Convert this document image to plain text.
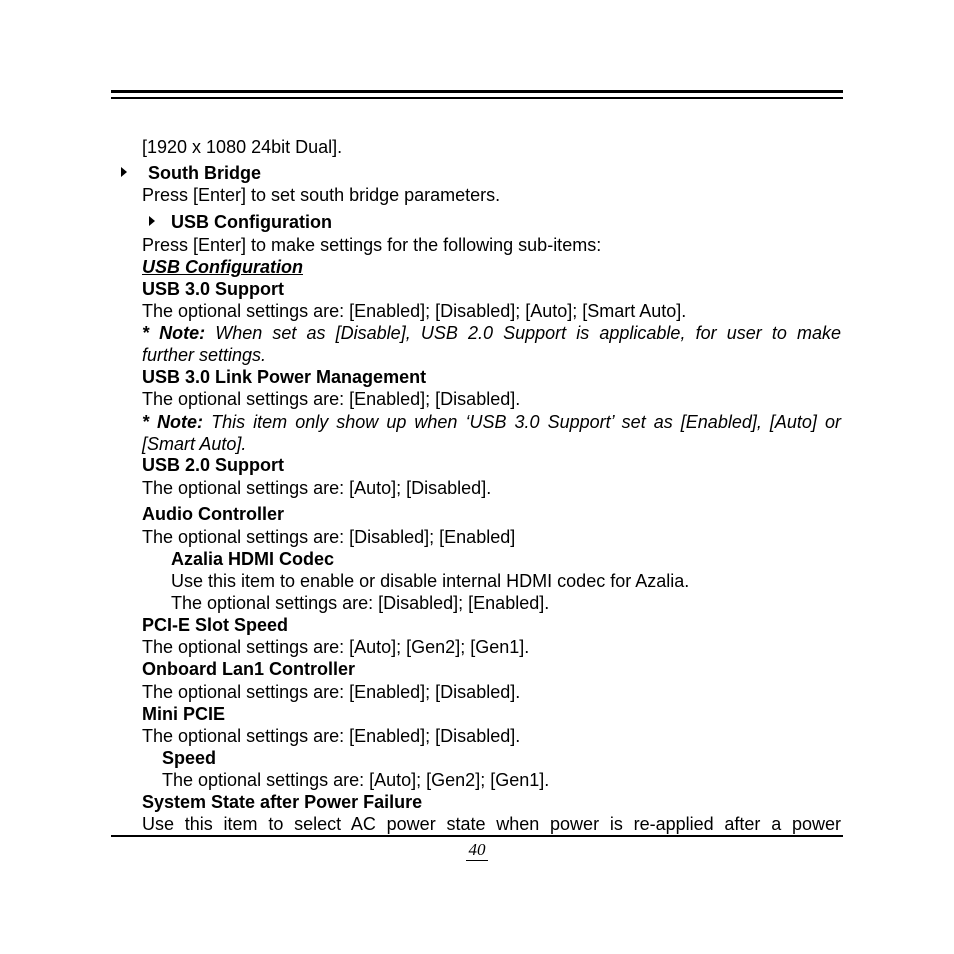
[1920 x 1080 24bit Dual].
South Bridge
Press [Enter] to set south bridge parameters.
USB Configuration
Press [Enter] to make settings for the following sub-items:
USB Configuration
USB 3.0 Support
The optional settings are: [Enabled]; [Disabled]; [Auto]; [Smart Auto].
* Note: When set as [Disable], USB 2.0 Support is applicable, for user to make
further settings.
USB 3.0 Link Power Management
The optional settings are: [Enabled]; [Disabled].
* Note: This item only show up when ‘USB 3.0 Support’ set as [Enabled], [Auto] or
[Smart Auto].
USB 2.0 Support
The optional settings are: [Auto]; [Disabled].
Audio Controller
The optional settings are: [Disabled]; [Enabled]
Azalia HDMI Codec
Use this item to enable or disable internal HDMI codec for Azalia.
The optional settings are: [Disabled]; [Enabled].
PCI-E Slot Speed
The optional settings are: [Auto]; [Gen2]; [Gen1].
Onboard Lan1 Controller
The optional settings are: [Enabled]; [Disabled].
Mini PCIE
The optional settings are: [Enabled]; [Disabled].
Speed
The optional settings are: [Auto]; [Gen2]; [Gen1].
System State after Power Failure
Use this item to select AC power state when power is re-applied after a power
40
